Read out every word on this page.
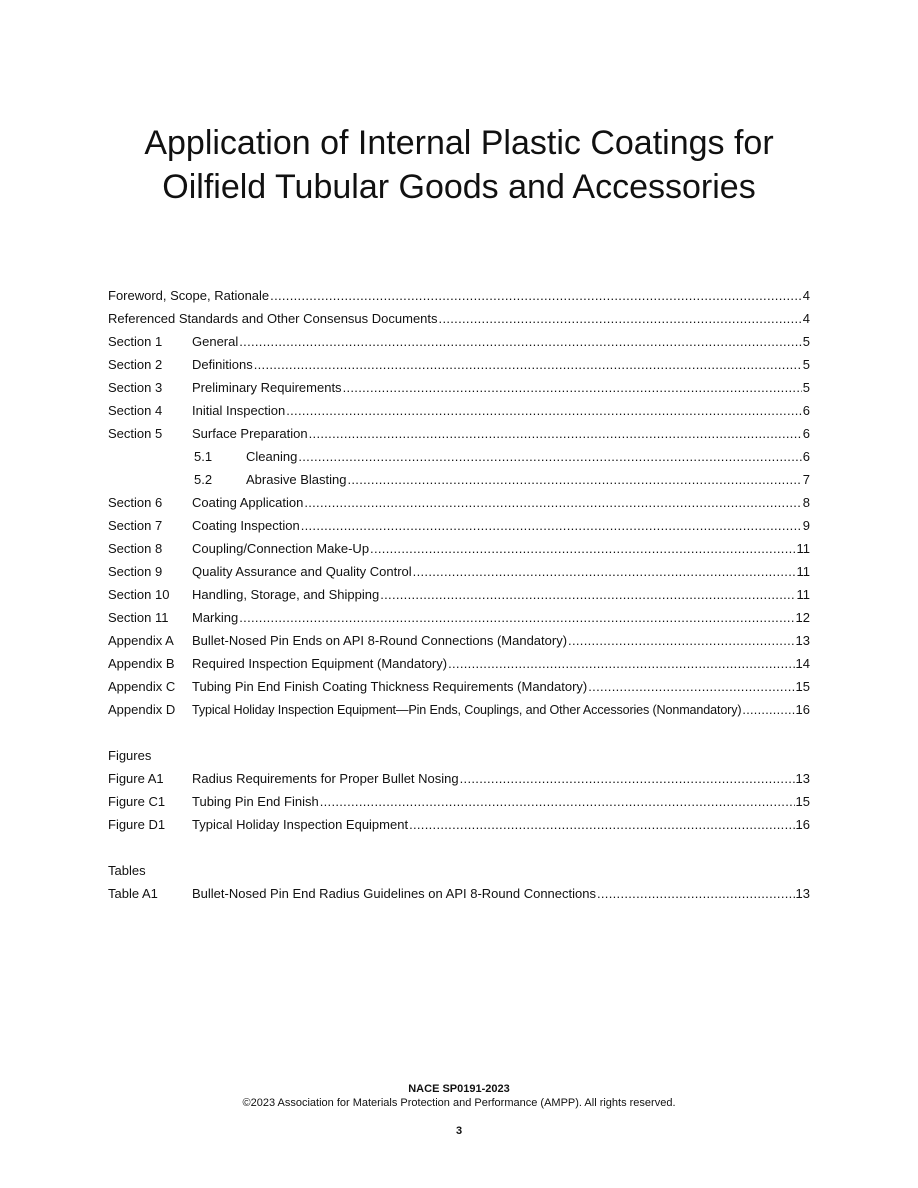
Application of Internal Plastic Coatings for
Oilfield Tubular Goods and Accessories
Foreword, Scope, Rationale .....	4
Referenced Standards and Other Consensus Documents .....	4
Section 1	General .....	5
Section 2	Definitions .....	5
Section 3	Preliminary Requirements .....	5
Section 4	Initial Inspection .....	6
Section 5	Surface Preparation .....	6
5.1	Cleaning .....	6
5.2	Abrasive Blasting .....	7
Section 6	Coating Application .....	8
Section 7	Coating Inspection .....	9
Section 8	Coupling/Connection Make-Up .....	11
Section 9	Quality Assurance and Quality Control .....	11
Section 10	Handling, Storage, and Shipping .....	11
Section 11	Marking .....	12
Appendix A	Bullet-Nosed Pin Ends on API 8-Round Connections (Mandatory) .....	13
Appendix B	Required Inspection Equipment (Mandatory) .....	14
Appendix C	Tubing Pin End Finish Coating Thickness Requirements (Mandatory) .....	15
Appendix D	Typical Holiday Inspection Equipment—Pin Ends, Couplings, and Other Accessories (Nonmandatory) .....	16
Figures
Figure A1	Radius Requirements for Proper Bullet Nosing .....	13
Figure C1	Tubing Pin End Finish .....	15
Figure D1	Typical Holiday Inspection Equipment .....	16
Tables
Table A1	Bullet-Nosed Pin End Radius Guidelines on API 8-Round Connections .....	13
NACE SP0191-2023
©2023 Association for Materials Protection and Performance (AMPP). All rights reserved.
3
